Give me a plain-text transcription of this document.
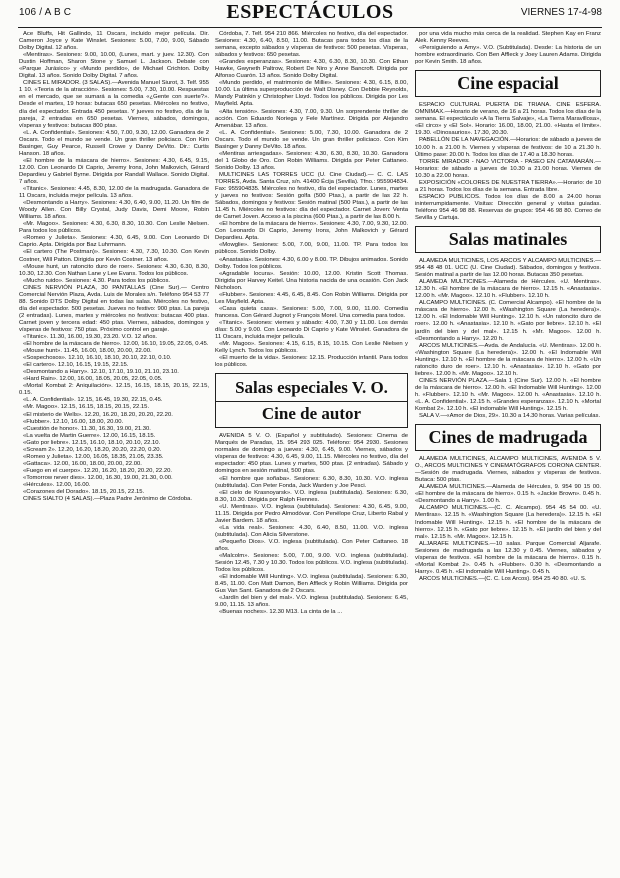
106 / A B C	ESPECTÁCULOS	VIERNES 17-4-98

Ace Bluffs, Hit Gallindo, 11 Oscars, incluido mejor película. Dir. Cameron Joyce y Kate Winslet. Sesiones: 5.00, 7.00, 9.00, Sábado Dolby Digital. 12 años.

«Mentiras». Sesiones: 9.00, 10.00, (Lunes, mart. y juev. 12.30). Con Dustin Hoffman, Sharon Stone y Samuel L. Jackson. Debate con «Parque Jurásico» y «Mundo perdido», de Michael Crichton. Dolby Digital. 13 años. Sonido Dolby Digital. 7 años.

CINES EL MIRADOR. (3 SALAS).—Avenida Manuel Siurot, 3. Telf. 955 1 10. «Teoria de la atracción». Sesiones: 5.00, 7.30, 10.00. Respuestas en el mercado, que se sumará a la comedia «¿Gente con suerte?». Desde el martes, 19 horas: butacas 650 pesetas. Miércoles no festivo, día del espectador. Entrada 450 pesetas. Y jueves no festivo, día de la pareja, 2 entradas en 650 pesetas. Viernes, sábados, domingos, vísperas y festivos: butacas 800 ptas.

«L. A. Confidential». Sesiones: 4.50, 7.00, 9.30, 12.00. Ganadora de 2 Oscars. Todo el mundo se vende. Un gran thriller policiaco. Con Kim Basinger, Guy Pearce, Russell Crowe y Danny DeVito. Dir.: Curtis Hanson. 18 años.

«El hombre de la máscara de hierro». Sesiones: 4.30, 6.45, 9.15, 12.00. Con Leonardo Di Caprio, Jeremy Irons, John Malkovich, Gérard Depardieu y Gabriel Byrne. Dirigida por Randall Wallace. Sonido Digital. 7 años.

«Titanic». Sesiones: 4.45, 8.30, 12.00 de la madrugada. Ganadora de 11 Oscars, incluida mejor película. 13 años.

«Desmontando a Harry». Sesiones: 4.30, 6.40, 9.00, 11.20. Un film de Woody Allen. Con Billy Crystal, Judy Davis, Demi Moore, Robin Williams. 18 años.

«Mr. Magoo». Sesiones: 4.30, 6.30, 8.30, 10.30. Con Leslie Nielsen. Para todos los públicos.

«Romeo y Julieta». Sesiones: 4.30, 6.45, 9.00. Con Leonardo Di Caprio. Apta. Dirigida por Baz Luhrmann.

«El cartero (The Postman)». Sesiones: 4.30, 7.30, 10.30. Con Kevin Costner, Will Patton. Dirigida por Kevin Costner. 13 años.

«Mouse hunt, un ratoncito duro de roer». Sesiones: 4.30, 6.30, 8.30, 10.30, 12.30. Con Nathan Lane y Lee Evans. Todos los públicos.

«Mucho ruido». Sesiones: 4.30. Para todos los públicos.

CINES NERVIÓN PLAZA, 30 PANTALLAS (Cine Sur).— Centro Comercial Nervión Plaza, Avda. Luis de Morales s/n. Teléfono 954 53 77 88. Sonido DTS Dolby Digital en todas las salas. Miércoles no festivo, día del espectador. 500 pesetas. Jueves no festivo: 900 ptas. La pareja (2 entradas). Lunes, martes y miércoles no festivos: butacas 400 ptas. Carnet joven y tercera edad: 450 ptas. Viernes, sábados, domingos y vísperas de festivos: 750 ptas. Próximo control en garaje.

«Titanic». 11.30, 16.00, 19.30, 23.20. V.O. 12 años.

«El hombre de la máscara de hierro». 12.00, 16.10, 19.05, 22.05, 0.45.

«Mouse hunt». 11.45, 16.00, 18.00, 20.00, 22.00.

«Sospechosos». 12.10, 16.10, 18.10, 20.10, 22.10, 0.10.

«El cartero». 12.10, 16.15, 19.15, 22.15.

«Desmontando a Harry». 12.10, 17.10, 19.10, 21.10, 23.10.

«Hard Rain». 12.00, 16.00, 18.05, 20.05, 22.05, 0.05.

«Mortal Kombat 2: Aniquilación». 12.15, 16.15, 18.15, 20.15, 22.15, 0.15.

«L. A. Confidential». 12.15, 16.45, 19.30, 22.15, 0.45.

«Mr. Magoo». 12.15, 16.15, 18.15, 20.15, 22.15.

«El misterio de Wells». 12.20, 16.20, 18.20, 20.20, 22.20.

«Flubber». 12.10, 16.00, 18.00, 20.00.

«Cuestión de honor». 11.30, 16.30, 19.00, 21.30.

«La vuelta de Martin Guerre». 12.00, 16.15, 18.15.

«Gato por liebre». 12.15, 16.10, 18.10, 20.10, 22.10.

«Scream 2». 12.20, 16.20, 18.20, 20.20, 22.20, 0.20.

«Romeo y Julieta». 12.00, 16.05, 18.35, 21.05, 23.35.

«Gattaca». 12.00, 16.00, 18.00, 20.00, 22.00.

«Fuego en el cuerpo». 12.20, 16.20, 18.20, 20.20, 22.20.

«Tomorrow never dies». 12.00, 16.30, 19.00, 21.30, 0.00.

«Hércules». 12.00, 16.00.

«Corazones del Dorado». 18.15, 20.15, 22.15.

CINES SIALTO (4 SALAS).—Plaza Padre Jerónimo de Córdoba.

Córdoba, 7. Telf. 954 210 866. Miércoles no festivo, día del espectador. Sesiones: 4.30, 6.40, 8.50, 11.00. Butacas para todos los días de la semana, excepto sábados y vísperas de festivos: 500 pesetas. Vísperas, sábados y festivos: 650 pesetas.

«Grandes esperanzas». Sesiones: 4.30, 6.30, 8.30, 10.30. Con Ethan Hawke, Gwyneth Paltrow, Robert De Niro y Anne Bancroft. Dirigida por Alfonso Cuarón. 13 años. Sonido Dolby Digital.

«Mundo perdido, el matrimonio de Millie». Sesiones: 4.30, 6.15, 8.00, 10.00. La última superproducción de Walt Disney. Con Debbie Reynolds, Mandy Patinkin y Christopher Lloyd. Todos los públicos. Dirigida por Les Mayfield. Apta.

«Alta tensión». Sesiones: 4.30, 7.00, 9.30. Un sorprendente thriller de acción. Con Eduardo Noriega y Fele Martínez. Dirigida por Alejandro Amenábar. 13 años.

«L. A. Confidential». Sesiones: 5.00, 7.30, 10.00. Ganadora de 2 Oscars. Todo el mundo se vende. Un gran thriller policiaco. Con Kim Basinger y Danny DeVito. 18 años.

«Mentiras arriesgadas». Sesiones: 4.30, 6.30, 8.30, 10.30. Ganadora del 1 Globo de Oro. Con Robin Williams. Dirigida por Peter Cattaneo. Sonido Dolby. 13 años.

MULTICINES LAS TORRES UCC (U. Cine Ciudad).— C. C. LAS TORRES, Avda. Santa Cruz, s/n. 41400 Écija (Sevilla). Tfno.: 955904834. Fax: 955904835. Miércoles no festivo, día del espectador. Lunes, martes y jueves no festivos: Sesión golfa (500 Ptas.), a partir de las 22 h. Sábados, domingos y festivos: Sesión matinal (500 Ptas.), a partir de las 11.45 h. Miércoles no festivos: día del espectador. Carnet Joven: Venta de Carnet Joven. Acceso a la piscina (600 Ptas.), a partir de las 8.00 h.

«El hombre de la máscara de hierro». Sesiones: 4.30, 7.00, 9.30, 12.00. Con Leonardo Di Caprio, Jeremy Irons, John Malkovich y Gérard Depardieu. Apta.

«Mowglie». Sesiones: 5.00, 7.00, 9.00, 11.00. TP. Para todos los públicos. Sonido Dolby.

«Anastasia». Sesiones: 4.30, 6.00 y 8.00. TP. Dibujos animados. Sonido Dolby. Todos los públicos.

«Agradable locura». Sesión: 10.00, 12.00. Kristin Scott Thomas. Dirigida por Harvey Keitel. Una historia nacida de una ocasión. Con Jack Nicholson.

«Flubber». Sesiones: 4.45, 6.45, 8.45. Con Robin Williams. Dirigida por Les Mayfield. Apta.

«Casa quieta casa». Sesiones: 5.00, 7.00, 9.00, 11.00. Comedia francesa. Con Gérard Jugnot y François Morel. Una comedia para todos.

«Titanic». Sesiones: viernes y sábado: 4.00, 7.30 y 11.00. Los demás días: 5.00 y 9.00. Con Leonardo Di Caprio y Kate Winslet. Ganadora de 11 Oscars, incluida mejor película.

«Mr. Magoo». Sesiones: 4.15, 6.15, 8.15, 10.15. Con Leslie Nielsen y Kelly Lynch. Todos los públicos.

«El muerto de la vida». Sesiones: 12.15. Producción infantil. Para todos los públicos.

Salas especiales V. O.
Cine de autor

AVENIDA 5 V. O. (Español y subtitulado). Sesiones: Cinema de Marqués de Paradas, 15. 954 293 025. Teléfono: 954 2930. Sesiones normales de domingo a jueves: 4.30, 6.45, 9.00. Viernes, sábados y vísperas de festivos: 4.30, 6.45, 9.00, 11.15. Miércoles no festivo, día del espectador: 450 ptas. Lunes y martes, 500 ptas. (2 entradas). Sábado y domingos en sesión matinal, 500 ptas.

«El hombre que soñaba». Sesiones: 6.30, 8.30, 10.30. V.O. inglesa (subtitulada). Con Peter Fonda, Jack Warden y Joe Pesci.

«El cielo de Krasnoyarsk». V.O. inglesa (subtitulada). Sesiones: 6.30, 8.30, 10.30. Dirigida por Ralph Fiennes.

«U. Mentiras». V.O. inglesa (subtitulada). Sesiones: 4.30, 6.45, 9.00, 11.15. Dirigida por Pedro Almodóvar. Con Penélope Cruz, Liberto Rabal y Javier Bardem. 18 años.

«La vida real». Sesiones: 4.30, 6.40, 8.50, 11.00. V.O. inglesa (subtitulada). Con Alicia Silverstone.

«Pequeño Dios». V.O. inglesa (subtitulada). Con Peter Cattaneo. 18 años.

«Malcolm». Sesiones: 5.00, 7.00, 9.00. V.O. inglesa (subtitulada). Sesión 12.45, 7.30 y 10.30. Todos los públicos. V.O. inglesa (subtitulada). Todos los públicos.

«El indomable Will Hunting». V.O. inglesa (subtitulada). Sesiones: 6.30, 8.45, 11.00. Con Matt Damon, Ben Affleck y Robin Williams. Dirigida por Gus Van Sant. Ganadora de 2 Oscars.

«Jardín del bien y del mal». V.O. inglesa (subtitulada). Sesiones: 6.45, 9.00, 11.15. 13 años.

«Buenas noches». 12.30 M13. La cinta de la ...

por una vida mucho más cerca de la realidad. Stephen Kay en Franz Alek. Kenny Reeves.

«Persiguiendo a Amy». V.O. (Subtitulada). Desde: La historia de un hombre extraordinario. Con Ben Affleck y Joey Lauren Adams. Dirigida por Kevin Smith. 18 años.

Cine espacial

ESPACIO CULTURAL PUERTA DE TRIANA. CINE ESFERA. OMNIMAX.—Horario de verano, de 16 a 21 horas. Todos los días de la semana. El espectáculo «A la Tierra Salvaje», «La Tierra Maravillosa», «El circo» y «El Sol». Horario: 16.00, 18.00, 21.00. «Hasta el límite». 19.30. «Dinosaurios». 17.30, 20.30.

PABELLÓN DE LA NAVEGACIÓN.—Horarios: de sábado a jueves de 10.00 h. a 21.00 h. Viernes y vísperas de festivos: de 10 a 21.30 h. Último pase: 20.00 h. Todos los días de 17.40 a 18.30 horas.

TORRE MIRADOR - NAO VICTORIA - PASEO EN CATAMARÁN.—Horarios: de sábado a jueves de 10.30 a 21.00 horas. Viernes de 10.30 a 22.00 horas.

EXPOSICIÓN «COLORES DE NUESTRA TIERRA».—Horario: de 10 a 21 horas. Todos los días de la semana. Entrada libre.

ESPACIO PUBLICOS. Todos los días de 8.00 a 24.00 horas ininterrumpidamente. Visitas: Dirección general y visitas guiadas. Teléfono 954 46 98 88. Reservas de grupos: 954 46 98 80. Correo de Sevilla y Cartuja.

Salas matinales

ALAMEDA MULTICINES, LOS ARCOS Y ALCAMPO MULTICINES.—954 48 48 01. UCC (U. Cine Ciudad). Sábados, domingos y festivos. Sesión matinal a partir de las 12.00 horas. Butacas 350 pesetas.

ALAMEDA MULTICINES.—Alameda de Hércules. «U. Mentiras». 12.30 h. «El hombre de la máscara de hierro». 12.15 h. «Anastasia». 12.00 h. «Mr. Magoo». 12.10 h. «Flubber». 12.10 h.

ALCAMPO MULTICINES. (C. Comercial Alcampo). «El hombre de la máscara de hierro». 12.00 h. «Washington Square (La heredera)». 12.00 h. «El Indomable Will Hunting». 12.10 h. «Un ratoncito duro de roer». 12.00 h. «Anastasia». 12.10 h. «Gato por liebre». 12.10 h. «El jardín del bien y del mal». 12.15 h. «Mr. Magoo». 12.00 h. «Desmontando a Harry». 12.20 h.

ARCOS MULTICINES.—Avda. de Andalucía. «U. Mentiras». 12.00 h. «Washington Square (La heredera)». 12.00 h. «El Indomable Will Hunting». 12.10 h. «El hombre de la máscara de hierro». 12.00 h. «Un ratoncito duro de roer». 12.10 h. «Anastasia». 12.10 h. «Gato por liebre». 12.00 h. «Mr. Magoo». 12.10 h.

CINES NERVIÓN PLAZA.—Sala 1 (Cine Sur). 12.00 h. «El hombre de la máscara de hierro». 12.00 h. «El Indomable Will Hunting». 12.00 h. «Flubber». 12.10 h. «Mr. Magoo». 12.00 h. «Anastasia». 12.10 h. «L. A. Confidential». 12.15 h. «Grandes esperanzas». 12.10 h. «Mortal Kombat 2». 12.10 h. «El indomable Will Hunting». 12.15 h.

SALA V.—«Amor de Dios, 29». 10.30 a 14.30 horas. Varias películas.

Cines de madrugada

ALAMEDA MULTICINES, ALCAMPO MULTICINES, AVENIDA 5 V. O., ARCOS MULTICINES Y CINEMATÓGRAFOS CORONA CENTER.—Sesión de madrugada. Viernes, sábados y vísperas de festivos. Butaca: 500 ptas.

ALAMEDA MULTICINES.—Alameda de Hércules, 9. 954 90 15 00. «El hombre de la máscara de hierro». 0.15 h. «Jackie Brown». 0.45 h. «Desmontando a Harry». 1.00 h.

ALCAMPO MULTICINES.—(C. C. Alcampo). 954 45 54 00. «U. Mentiras». 12.15 h. «Washington Square (La heredera)». 12.15 h. «El Indomable Will Hunting». 12.15 h. «El hombre de la máscara de hierro». 12.15 h. «Gato por liebre». 12.15 h. «El jardín del bien y del mal». 12.15 h. «Mr. Magoo». 12.15 h.

ALJARAFE MULTICINES.—10 salas. Parque Comercial Aljarafe. Sesiones de madrugada a las 12.30 y 0.45. Viernes, sábados y vísperas de festivos. «El hombre de la máscara de hierro». 0.15 h. «Mortal Kombat 2». 0.45 h. «Flubber». 0.30 h. «Desmontando a Harry». 0.45 h. «El indomable Will Hunting». 0.45 h.

ARCOS MULTICINES.—(C. C. Los Arcos). 954 25 40 80. «U. S.
